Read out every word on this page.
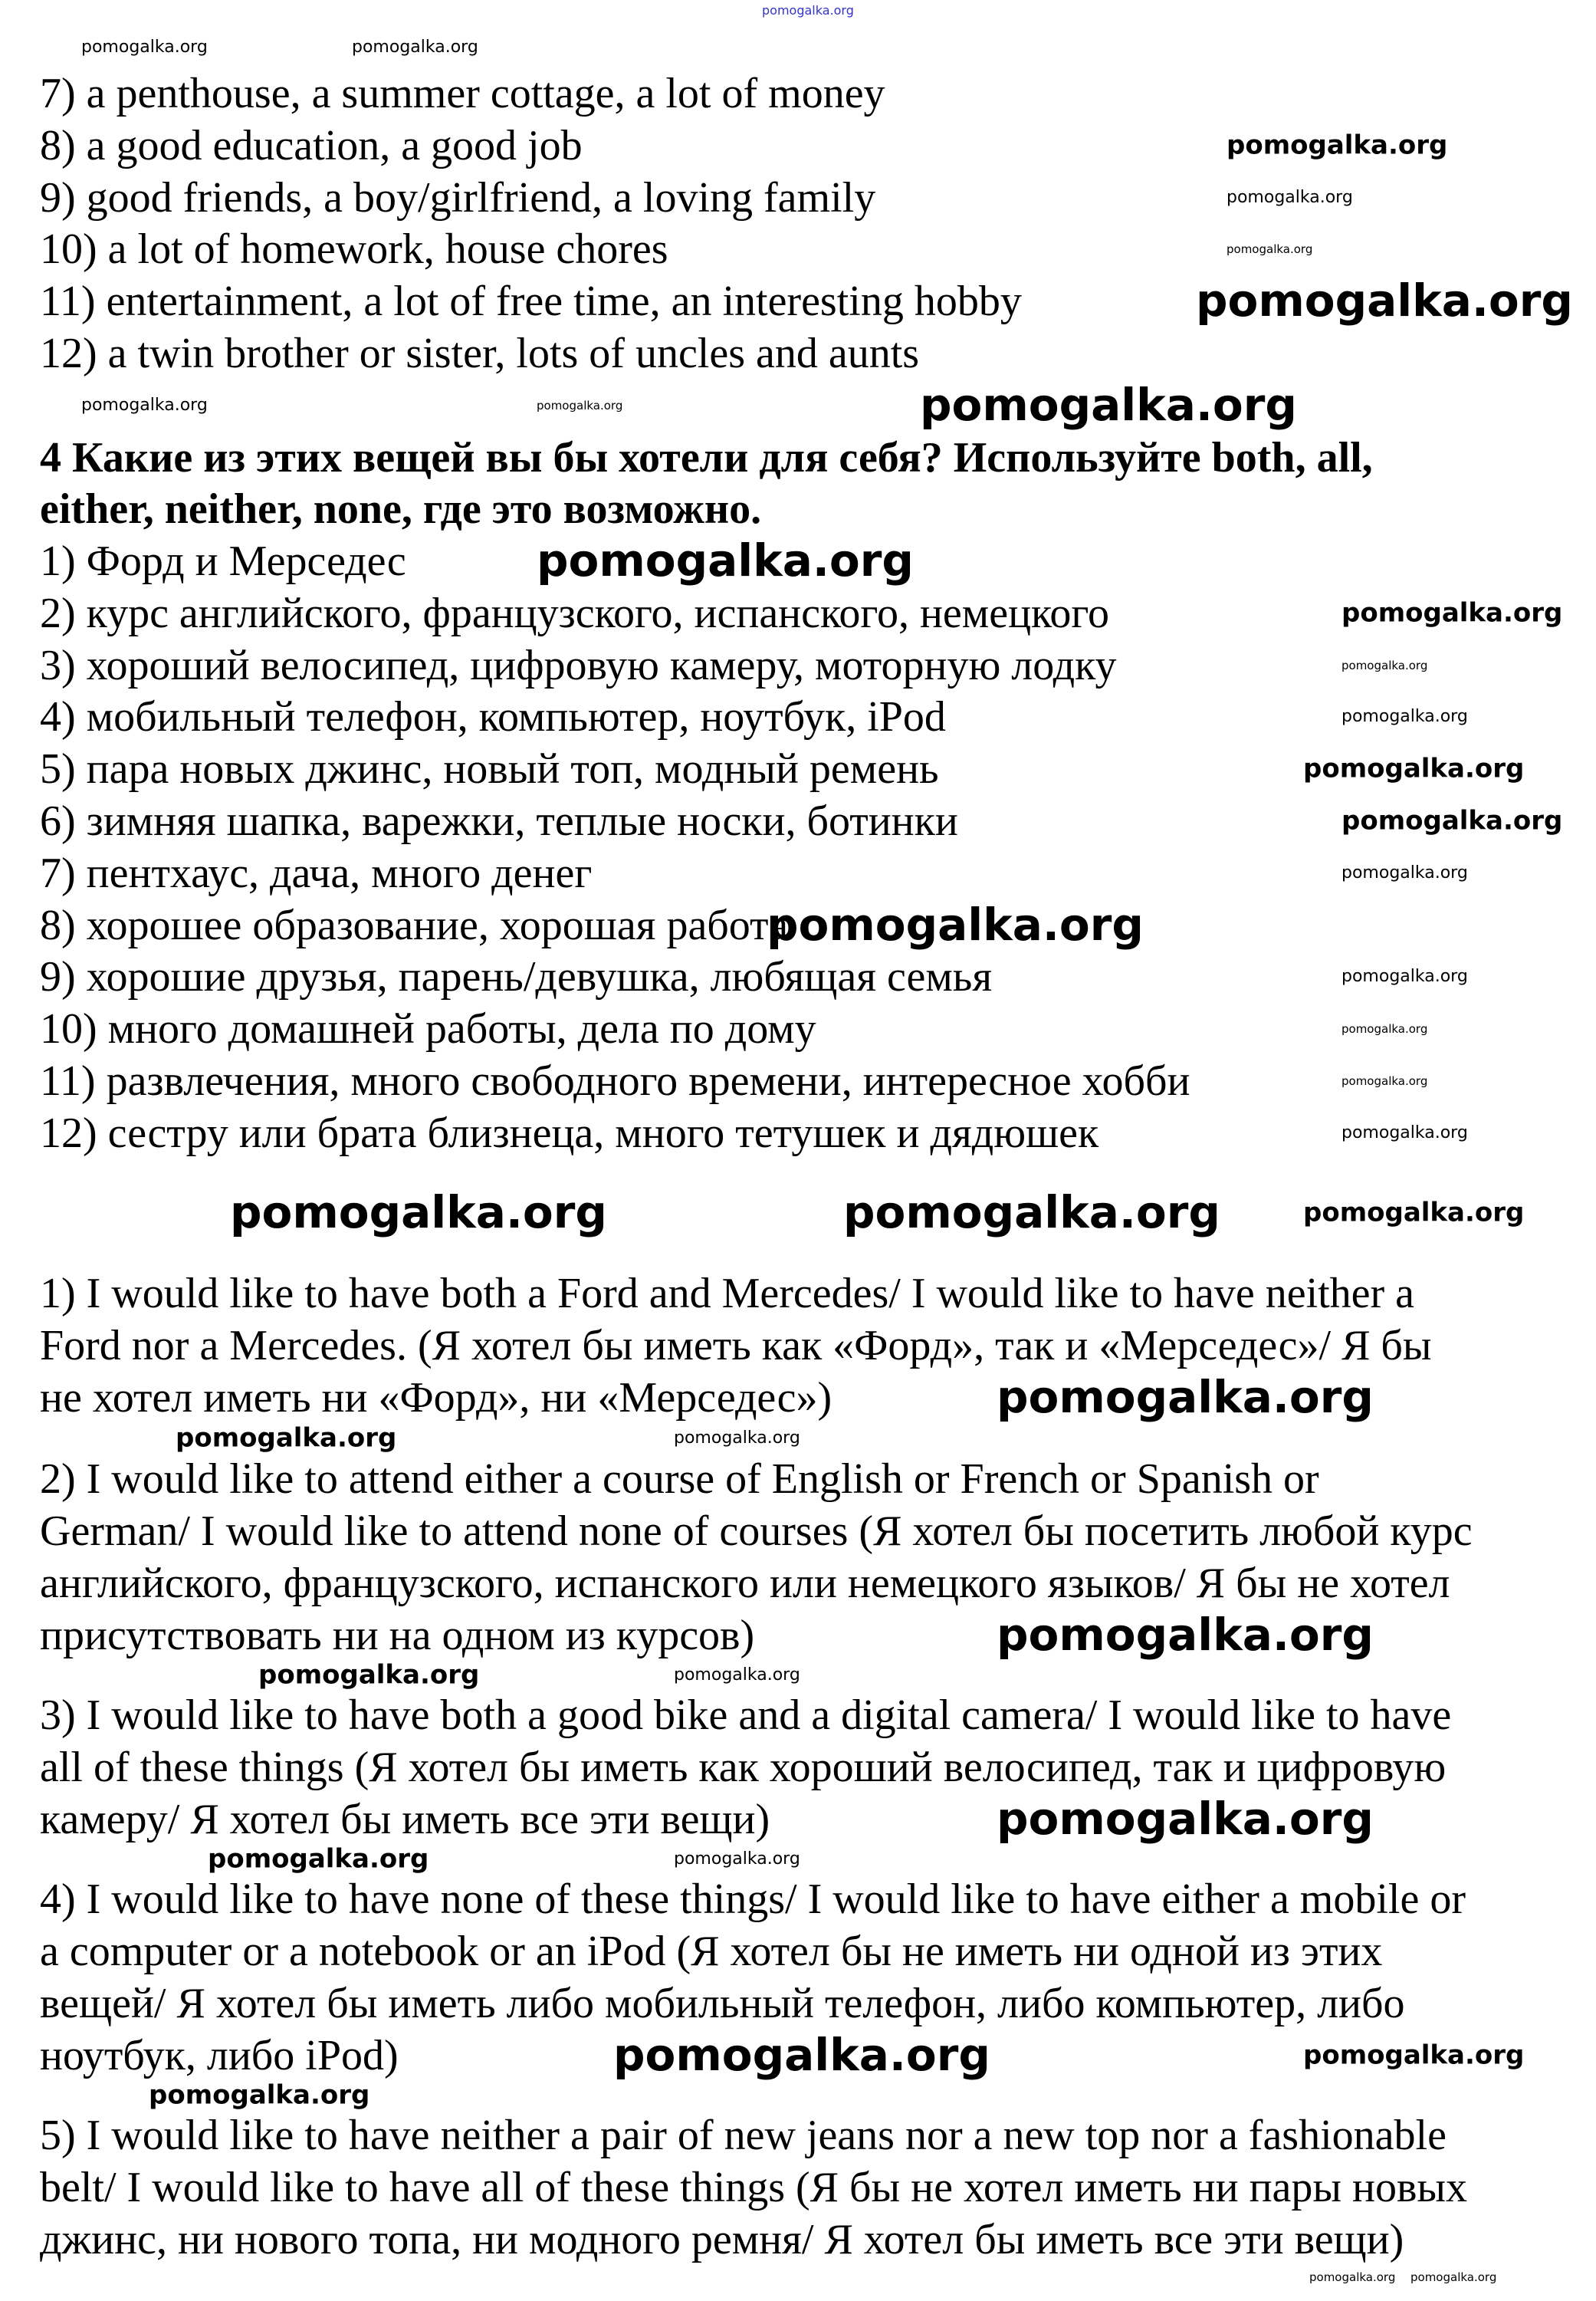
7) a penthouse, a summer cottage, a lot of money
8) a good education, a good job
9) good friends, a boy/girlfriend, a loving family
10) a lot of homework, house chores
11) entertainment, a lot of free time, an interesting hobby
12) a twin brother or sister, lots of uncles and aunts
4 Какие из этих вещей вы бы хотели для себя? Используйте both, all,
either, neither, none, где это возможно.
1) Форд и Мерседес
2) курс английского, французского, испанского, немецкого
3) хороший велосипед, цифровую камеру, моторную лодку
4) мобильный телефон, компьютер, ноутбук, iPod
5) пара новых джинс, новый топ, модный ремень
6) зимняя шапка, варежки, теплые носки, ботинки
7) пентхаус, дача, много денег
8) хорошее образование, хорошая работа
9) хорошие друзья, парень/девушка, любящая семья
10) много домашней работы, дела по дому
11) развлечения, много свободного времени, интересное хобби
12) сестру или брата близнеца, много тетушек и дядюшек
1) I would like to have both a Ford and Mercedes/ I would like to have neither a
Ford nor a Mercedes. (Я хотел бы иметь как «Форд», так и «Мерседес»/ Я бы
не хотел иметь ни «Форд», ни «Мерседес»)
2) I would like to attend either a course of English or French or Spanish or
German/ I would like to attend none of courses (Я хотел бы посетить любой курс
английского, французского, испанского или немецкого языков/ Я бы не хотел
присутствовать ни на одном из курсов)
3) I would like to have both a good bike and a digital camera/ I would like to have
all of these things (Я хотел бы иметь как хороший велосипед, так и цифровую
камеру/ Я хотел бы иметь все эти вещи)
4) I would like to have none of these things/ I would like to have either a mobile or
a computer or a notebook or an iPod (Я хотел бы не иметь ни одной из этих
вещей/ Я хотел бы иметь либо мобильный телефон, либо компьютер, либо
ноутбук, либо iPod)
5) I would like to have neither a pair of new jeans nor a new top nor a fashionable
belt/ I would like to have all of these things (Я бы не хотел иметь ни пары новых
джинс, ни нового топа, ни модного ремня/ Я хотел бы иметь все эти вещи)
pomogalka.org
pomogalka.org	pomogalka.org
pomogalka.org
pomogalka.org
pomogalka.org
pomogalka.org
pomogalka.org	pomogalka.org	pomogalka.org
pomogalka.org
pomogalka.org
pomogalka.org
pomogalka.org
pomogalka.org
pomogalka.org
pomogalka.org
pomogalka.org
pomogalka.org
pomogalka.org
pomogalka.org
pomogalka.org
pomogalka.org	pomogalka.org	pomogalka.org
pomogalka.org
pomogalka.org	pomogalka.org
pomogalka.org
pomogalka.org	pomogalka.org
pomogalka.org
pomogalka.org	pomogalka.org
pomogalka.org	pomogalka.org
pomogalka.org
pomogalka.org pomogalka.org
